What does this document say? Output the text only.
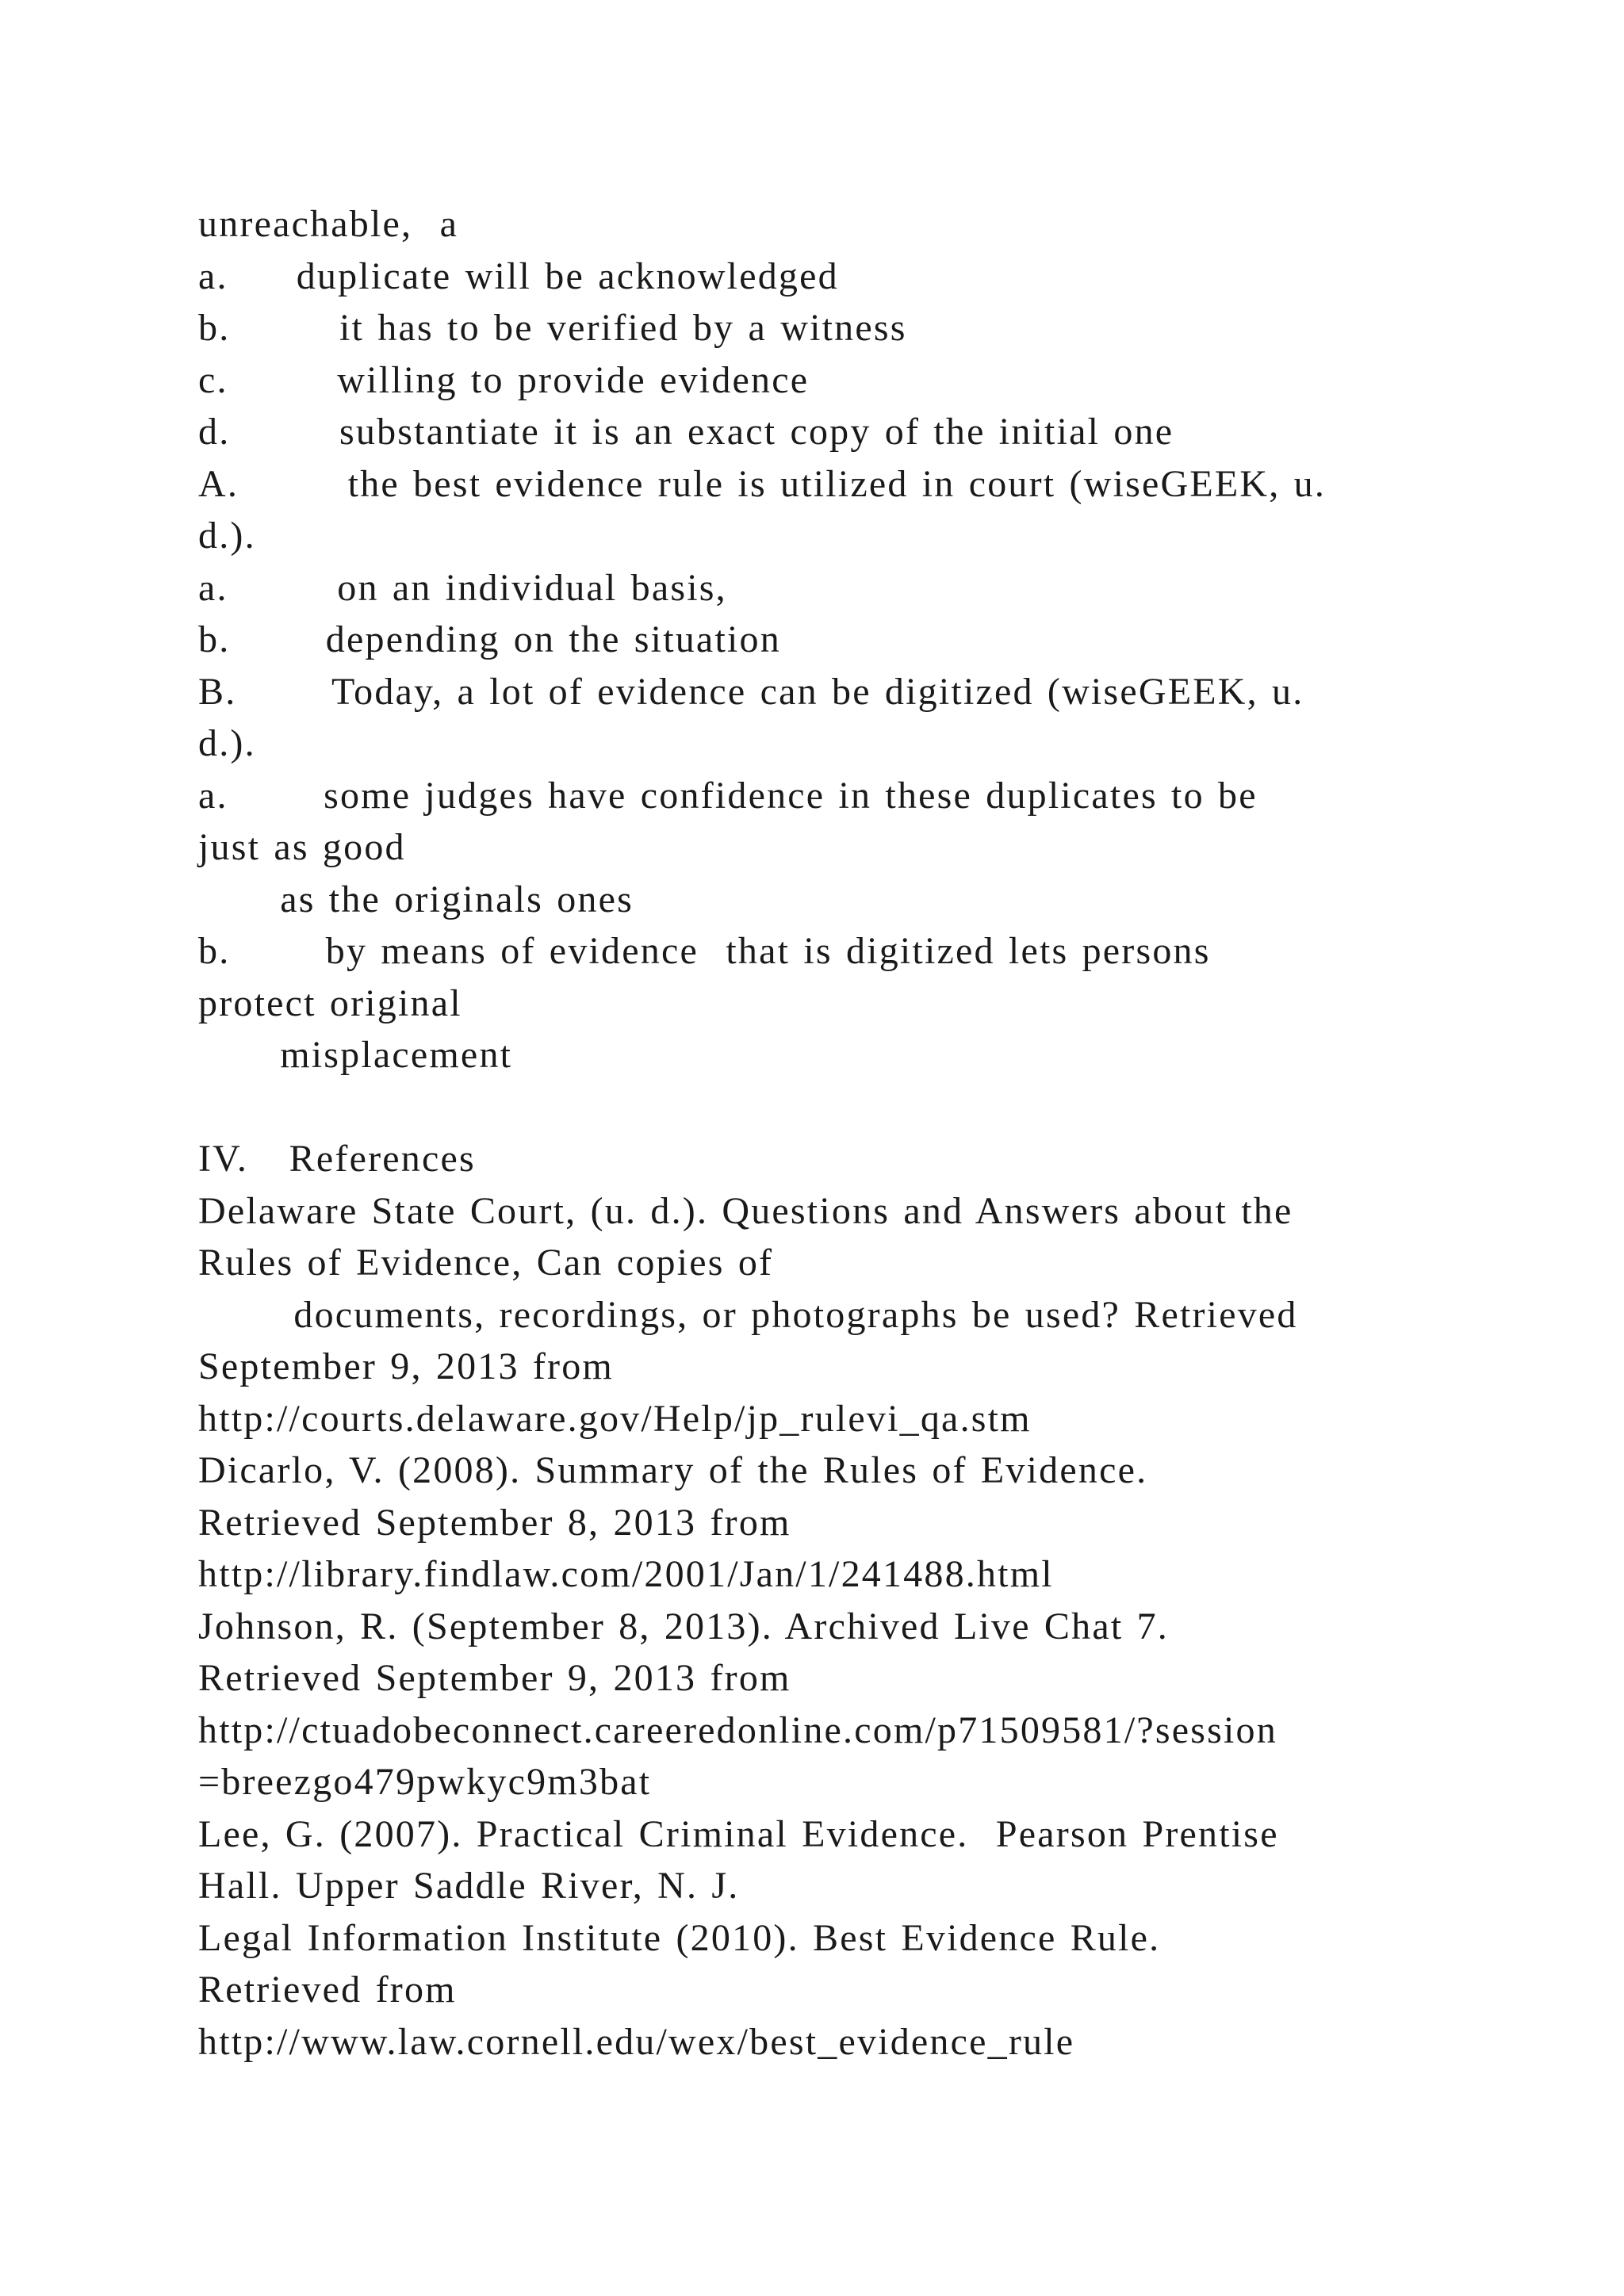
unreachable,  a
a.     duplicate will be acknowledged
b.        it has to be verified by a witness
c.        willing to provide evidence
d.        substantiate it is an exact copy of the initial one
A.        the best evidence rule is utilized in court (wiseGEEK, u.
d.).
a.        on an individual basis,
b.       depending on the situation
B.       Today, a lot of evidence can be digitized (wiseGEEK, u.
d.).
a.       some judges have confidence in these duplicates to be
just as good
as the originals ones
b.       by means of evidence  that is digitized lets persons
protect original
misplacement
IV.   References
Delaware State Court, (u. d.). Questions and Answers about the
Rules of Evidence, Can copies of
documents, recordings, or photographs be used? Retrieved
September 9, 2013 from
http://courts.delaware.gov/Help/jp_rulevi_qa.stm
Dicarlo, V. (2008). Summary of the Rules of Evidence.
Retrieved September 8, 2013 from
http://library.findlaw.com/2001/Jan/1/241488.html
Johnson, R. (September 8, 2013). Archived Live Chat 7.
Retrieved September 9, 2013 from
http://ctuadobeconnect.careeredonline.com/p71509581/?session
=breezgo479pwkyc9m3bat
Lee, G. (2007). Practical Criminal Evidence.  Pearson Prentise
Hall. Upper Saddle River, N. J.
Legal Information Institute (2010). Best Evidence Rule.
Retrieved from
http://www.law.cornell.edu/wex/best_evidence_rule
